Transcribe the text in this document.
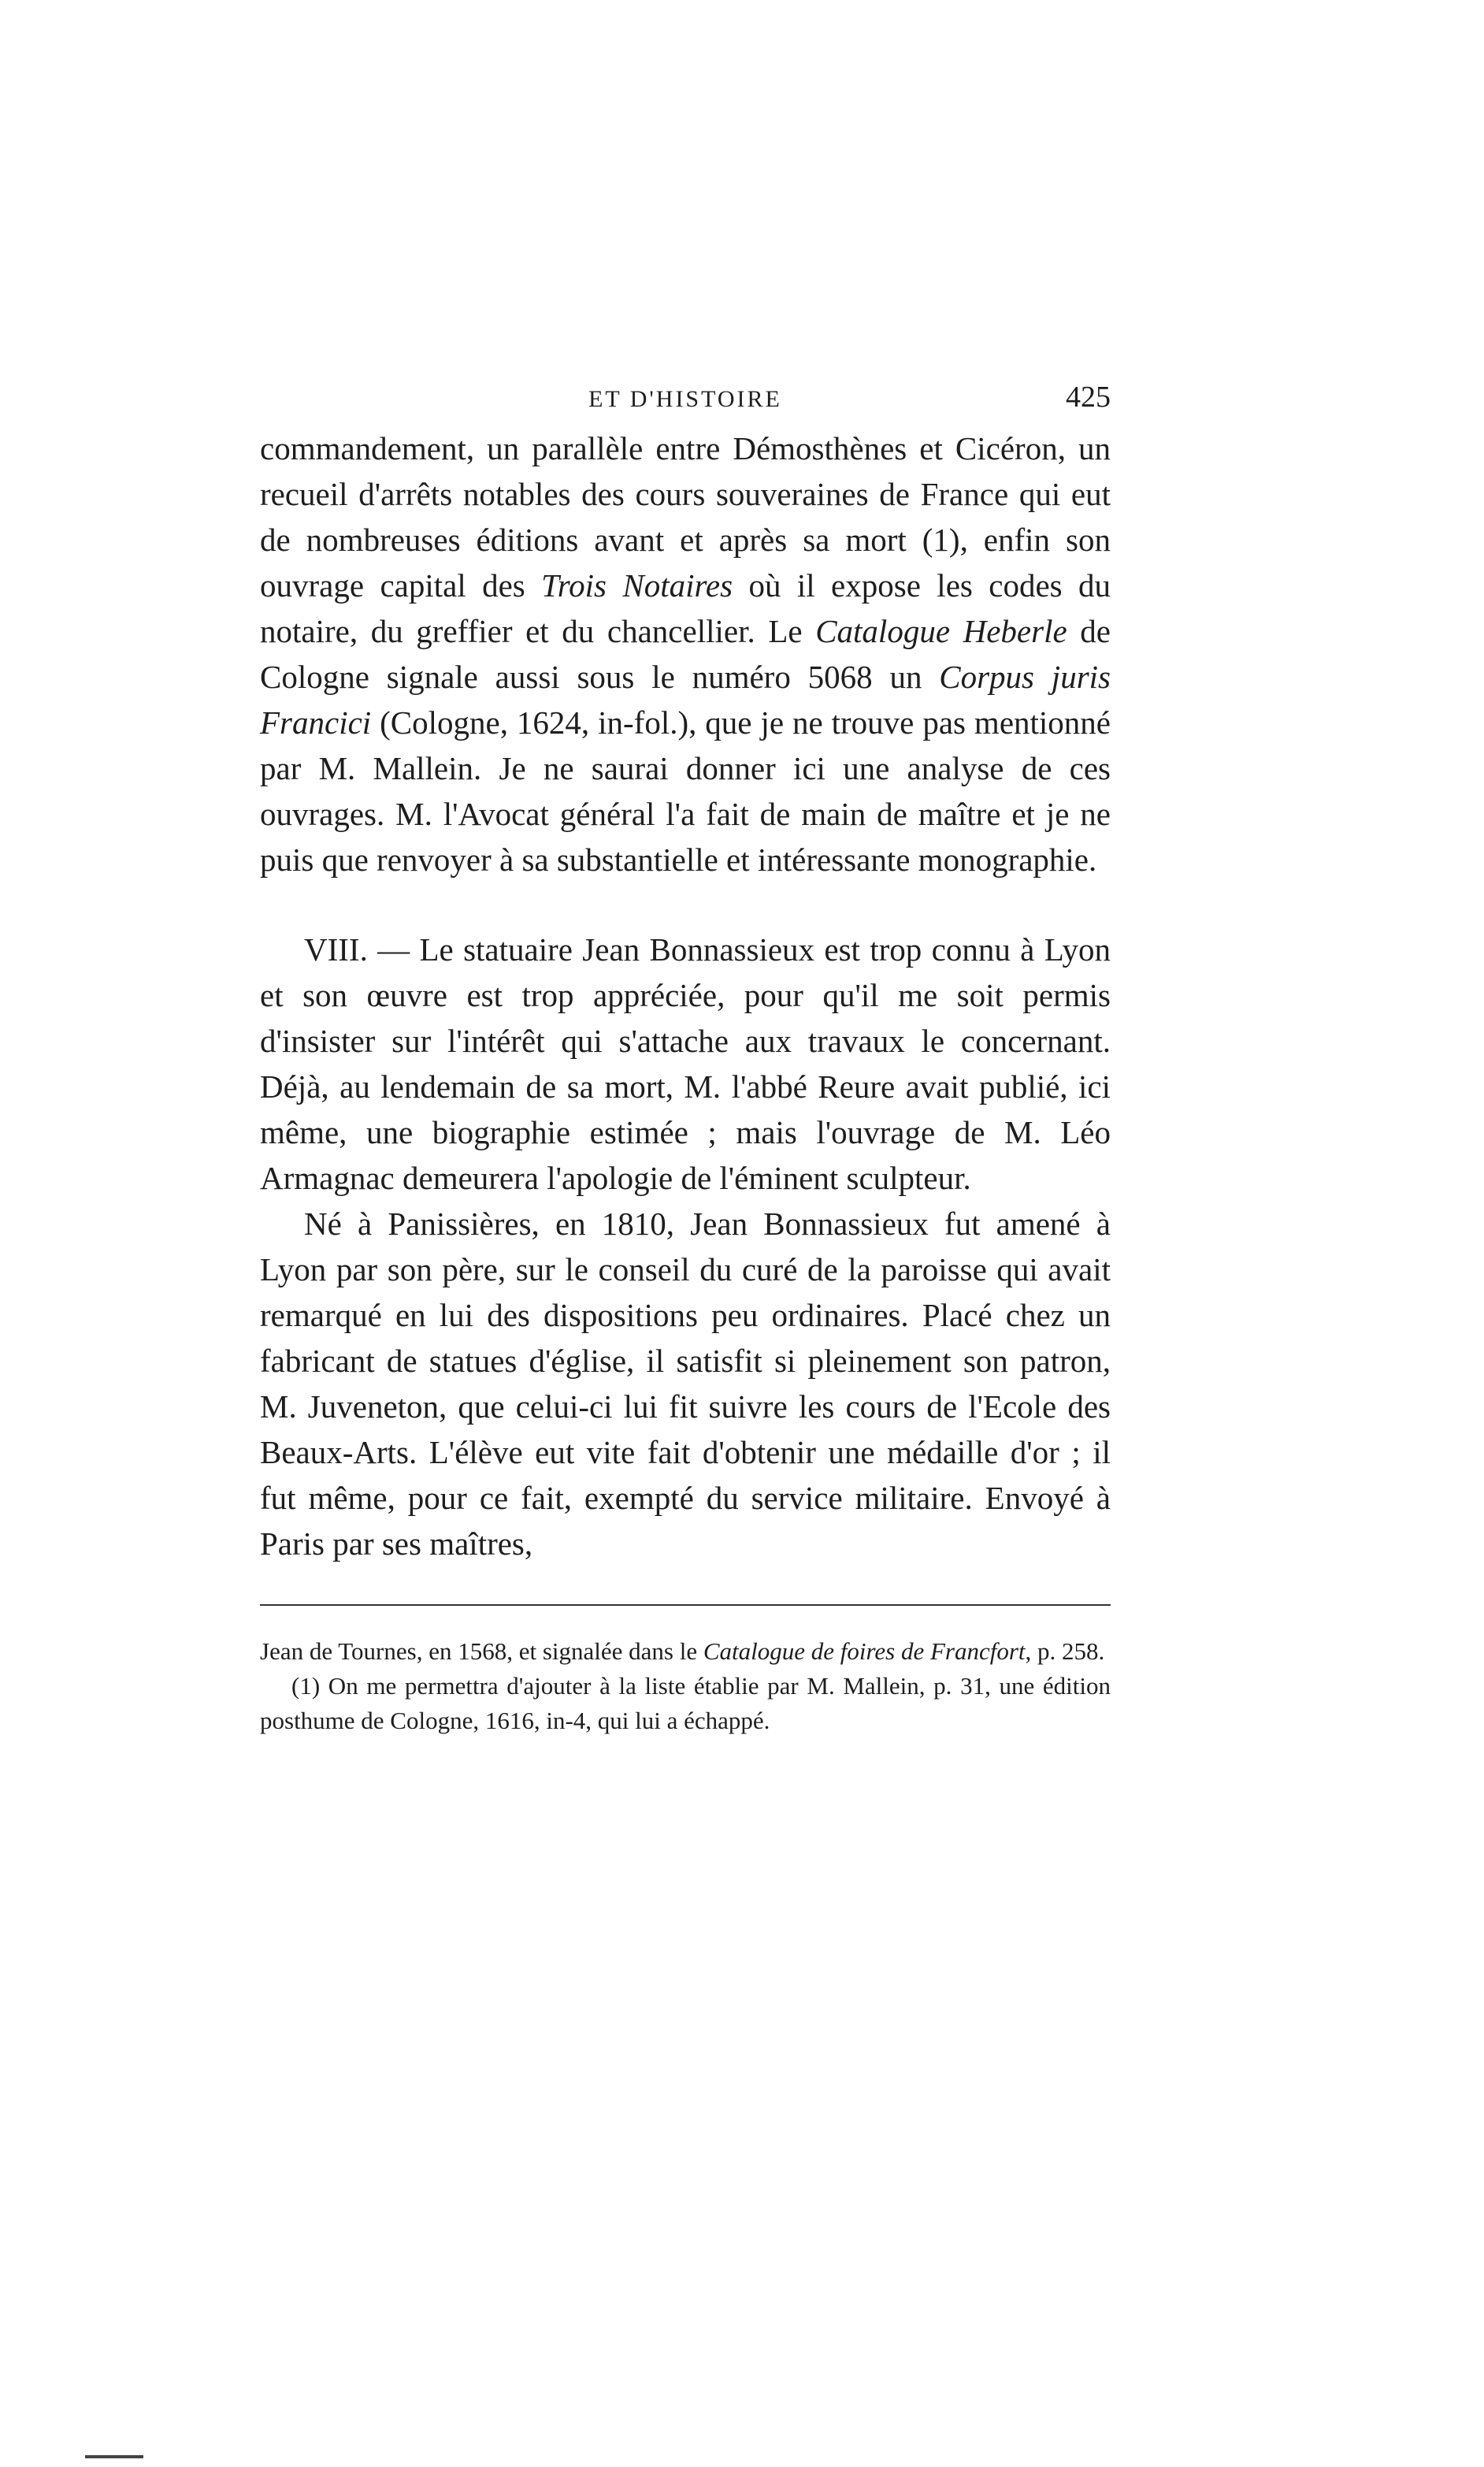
ET D'HISTOIRE	425

commandement, un parallèle entre Démosthènes et Cicéron, un recueil d'arrêts notables des cours souveraines de France qui eut de nombreuses éditions avant et après sa mort (1), enfin son ouvrage capital des Trois Notaires où il expose les codes du notaire, du greffier et du chancellier. Le Catalogue Heberle de Cologne signale aussi sous le numéro 5068 un Corpus juris Francici (Cologne, 1624, in-fol.), que je ne trouve pas mentionné par M. Mallein. Je ne saurai donner ici une analyse de ces ouvrages. M. l'Avocat général l'a fait de main de maître et je ne puis que renvoyer à sa substantielle et intéressante monographie.

VIII. — Le statuaire Jean Bonnassieux est trop connu à Lyon et son œuvre est trop appréciée, pour qu'il me soit permis d'insister sur l'intérêt qui s'attache aux travaux le concernant. Déjà, au lendemain de sa mort, M. l'abbé Reure avait publié, ici même, une biographie estimée ; mais l'ouvrage de M. Léo Armagnac demeurera l'apologie de l'éminent sculpteur.

Né à Panissières, en 1810, Jean Bonnassieux fut amené à Lyon par son père, sur le conseil du curé de la paroisse qui avait remarqué en lui des dispositions peu ordinaires. Placé chez un fabricant de statues d'église, il satisfit si pleinement son patron, M. Juveneton, que celui-ci lui fit suivre les cours de l'Ecole des Beaux-Arts. L'élève eut vite fait d'obtenir une médaille d'or ; il fut même, pour ce fait, exempté du service militaire. Envoyé à Paris par ses maîtres,

Jean de Tournes, en 1568, et signalée dans le Catalogue de foires de Francfort, p. 258.

(1) On me permettra d'ajouter à la liste établie par M. Mallein, p. 31, une édition posthume de Cologne, 1616, in-4, qui lui a échappé.
